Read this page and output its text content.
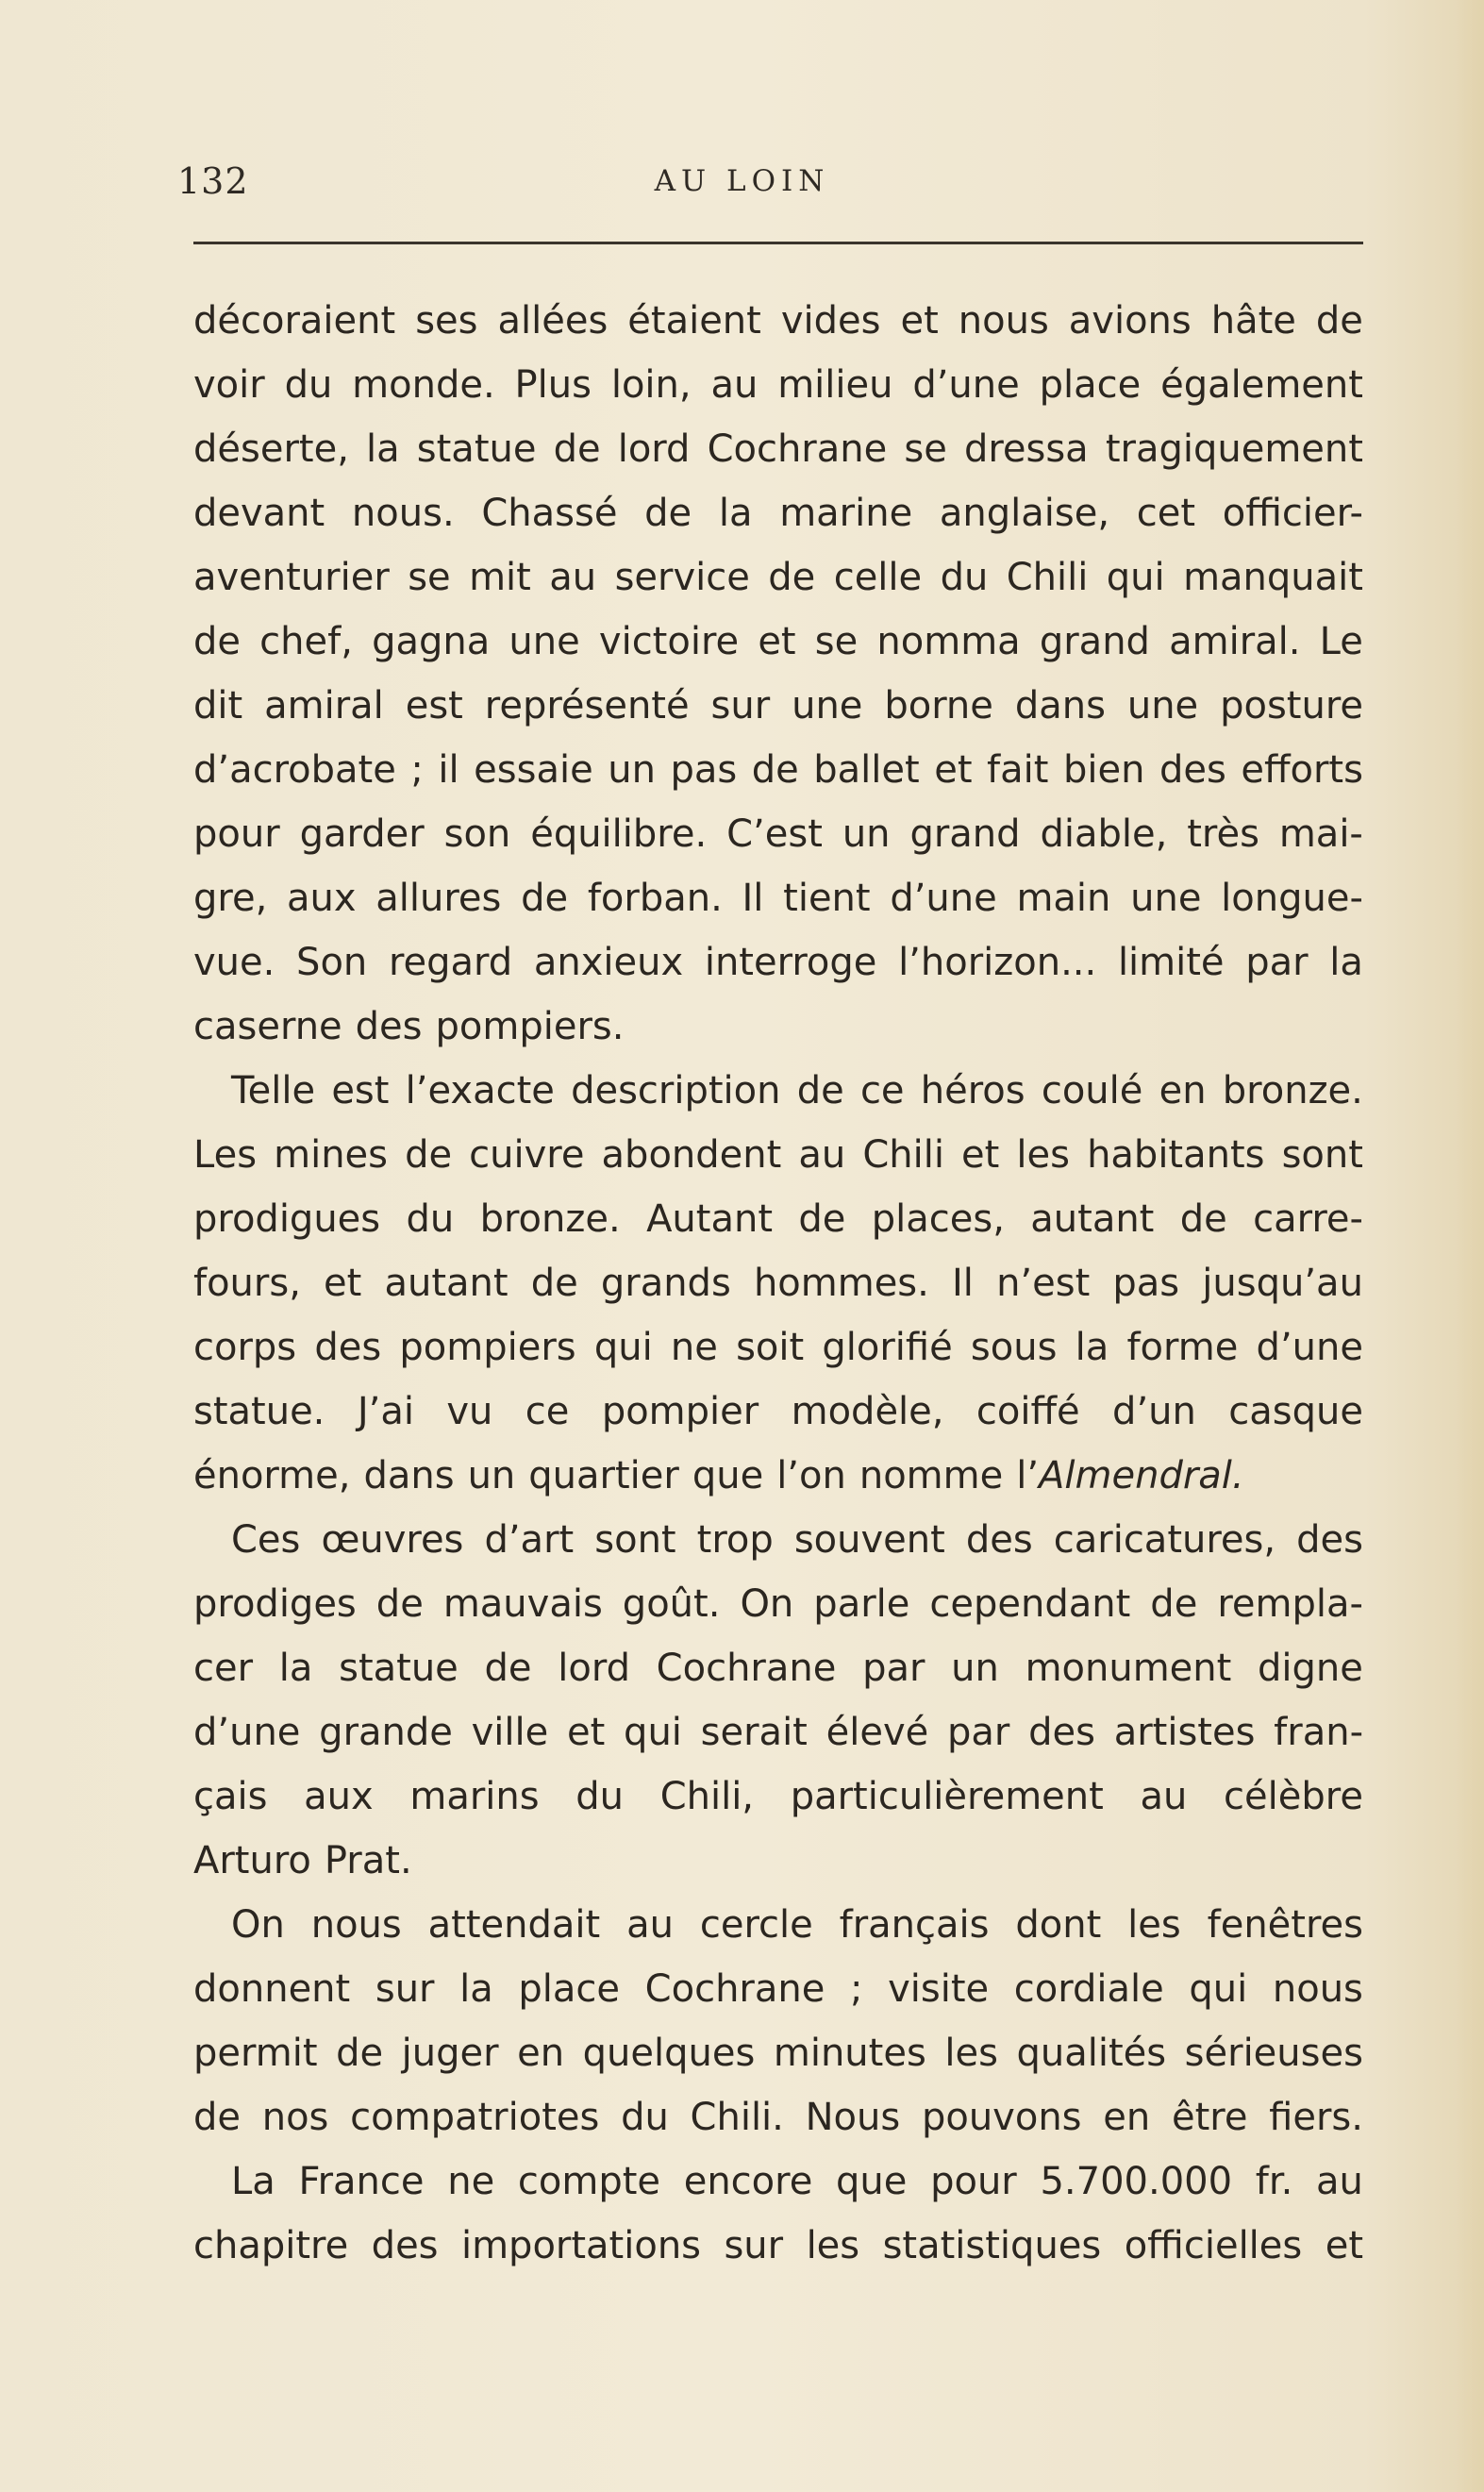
132	AU LOIN
décoraient ses allées étaient vides et nous avions hâte de
voir du monde. Plus loin, au milieu d’une place également
déserte, la statue de lord Cochrane se dressa tragiquement
devant nous. Chassé de la marine anglaise, cet officier-
aventurier se mit au service de celle du Chili qui manquait
de chef, gagna une victoire et se nomma grand amiral. Le
dit amiral est représenté sur une borne dans une posture
d’acrobate ; il essaie un pas de ballet et fait bien des efforts
pour garder son équilibre. C’est un grand diable, très mai-
gre, aux allures de forban. Il tient d’une main une longue-
vue. Son regard anxieux interroge l’horizon... limité par la
caserne des pompiers.
Telle est l’exacte description de ce héros coulé en bronze.
Les mines de cuivre abondent au Chili et les habitants sont
prodigues du bronze. Autant de places, autant de carre-
fours, et autant de grands hommes. Il n’est pas jusqu’au
corps des pompiers qui ne soit glorifié sous la forme d’une
statue. J’ai vu ce pompier modèle, coiffé d’un casque
énorme, dans un quartier que l’on nomme l’Almendral.
Ces œuvres d’art sont trop souvent des caricatures, des
prodiges de mauvais goût. On parle cependant de rempla-
cer la statue de lord Cochrane par un monument digne
d’une grande ville et qui serait élevé par des artistes fran-
çais aux marins du Chili, particulièrement au célèbre
Arturo Prat.
On nous attendait au cercle français dont les fenêtres
donnent sur la place Cochrane ; visite cordiale qui nous
permit de juger en quelques minutes les qualités sérieuses
de nos compatriotes du Chili. Nous pouvons en être fiers.
La France ne compte encore que pour 5.700.000 fr. au
chapitre des importations sur les statistiques officielles et
